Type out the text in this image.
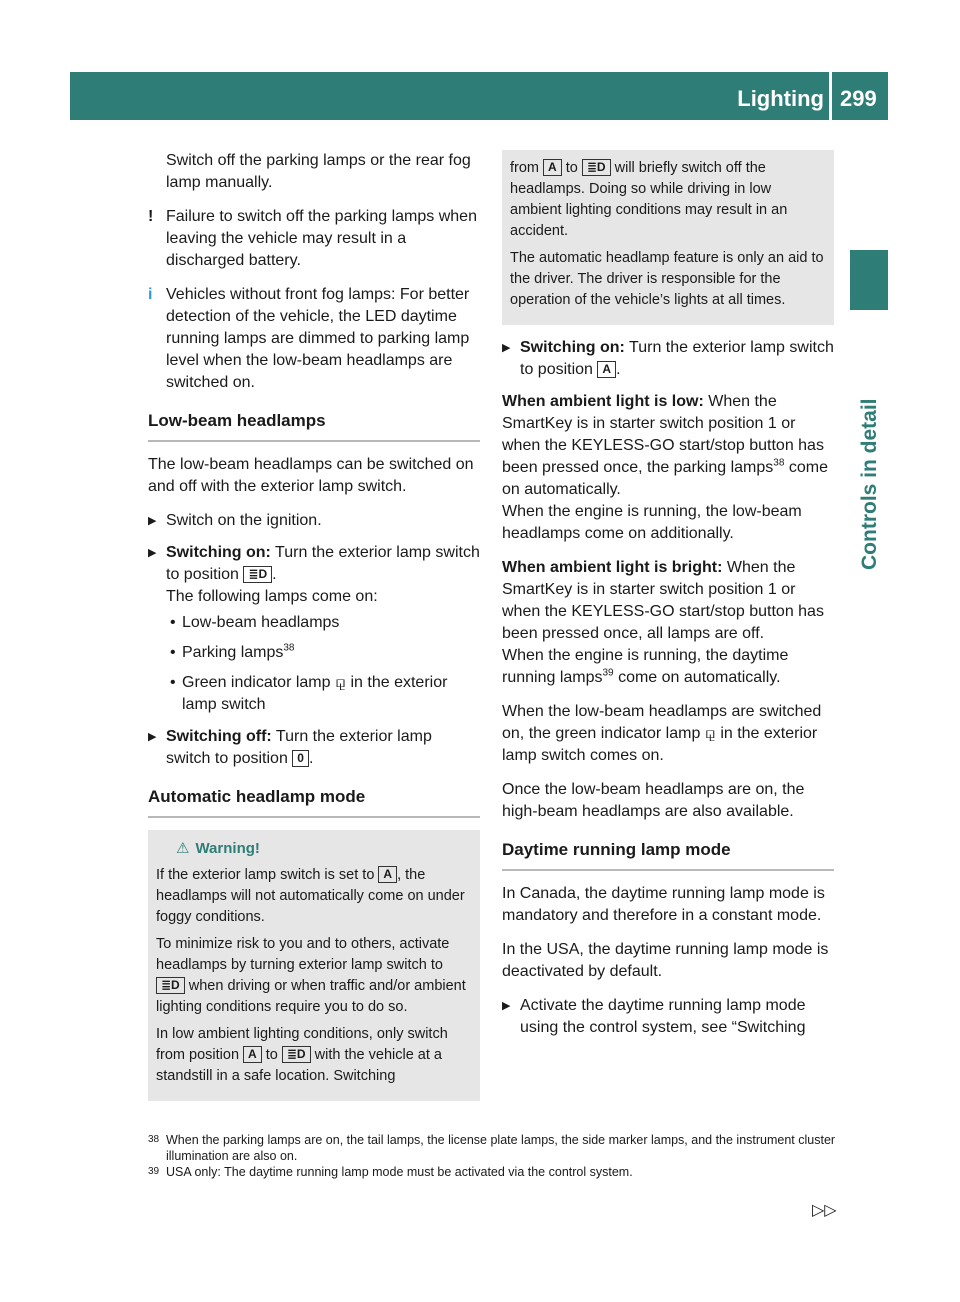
Lighting 299
Controls in detail

Switch off the parking lamps or the rear fog lamp manually.

! Failure to switch off the parking lamps when leaving the vehicle may result in a discharged battery.

i Vehicles without front fog lamps: For better detection of the vehicle, the LED daytime running lamps are dimmed to parking lamp level when the low-beam headlamps are switched on.

Low-beam headlamps

The low-beam headlamps can be switched on and off with the exterior lamp switch.

▶ Switch on the ignition.
▶ Switching on: Turn the exterior lamp switch to position ≣D .
The following lamps come on:
• Low-beam headlamps
• Parking lamps$^{38}$
• Green indicator lamp ⚼ in the exterior lamp switch
▶ Switching off: Turn the exterior lamp switch to position 0 .
Automatic headlamp mode
⚠ Warning!

If the exterior lamp switch is set to A , the headlamps will not automatically come on under foggy conditions.

To minimize risk to you and to others, activate headlamps by turning exterior lamp switch to
≣D when driving or when traffic and/or ambient lighting conditions require you to do so.

In low ambient lighting conditions, only switch from position A to ≣D with the vehicle at a standstill in a safe location. Switching

from A to ≣D will briefly switch off the headlamps. Doing so while driving in low ambient lighting conditions may result in an accident.

The automatic headlamp feature is only an aid to the driver. The driver is responsible for the operation of the vehicle’s lights at all times.

▶ Switching on: Turn the exterior lamp switch to position A .

When ambient light is low: When the SmartKey is in starter switch position 1 or when the KEYLESS-GO start/stop button has been pressed once, the parking lamps$^{38}$ come on automatically.
When the engine is running, the low-beam headlamps come on additionally.

When ambient light is bright: When the SmartKey is in starter switch position 1 or when the KEYLESS-GO start/stop button has been pressed once, all lamps are off.
When the engine is running, the daytime running lamps$^{39}$ come on automatically.

When the low-beam headlamps are switched on, the green indicator lamp ⚼ in the exterior lamp switch comes on.

Once the low-beam headlamps are on, the high-beam headlamps are also available.

Daytime running lamp mode

In Canada, the daytime running lamp mode is mandatory and therefore in a constant mode.

In the USA, the daytime running lamp mode is deactivated by default.

▶ Activate the daytime running lamp mode using the control system, see “Switching
38 When the parking lamps are on, the tail lamps, the license plate lamps, the side marker lamps, and the instrument cluster illumination are also on.
39 USA only: The daytime running lamp mode must be activated via the control system.
▷▷
